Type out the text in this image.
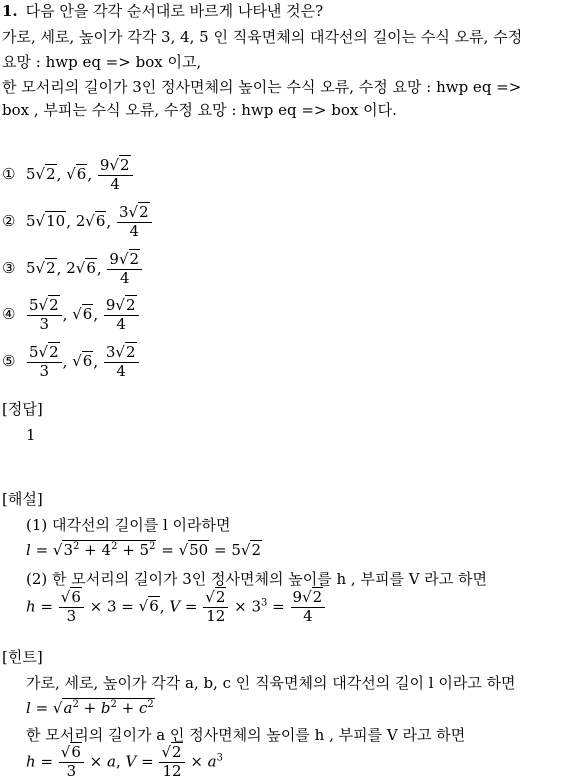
1. 다음 안을 각각 순서대로 바르게 나타낸 것은?
가로, 세로, 높이가 각각 3, 4, 5 인 직육면체의 대각선의 길이는 수식 오류, 수정
요망 : hwp eq => box 이고,
한 모서리의 길이가 3인 정사면체의 높이는 수식 오류, 수정 요망 : hwp eq =>
box , 부피는 수식 오류, 수정 요망 : hwp eq => box 이다.
① 5√2, √6, $\frac{9√2}{4}$
② 5√10, 2√6, $\frac{3√2}{4}$
③ 5√2, 2√6, $\frac{9√2}{4}$
④ $\frac{5√2}{3}$ , √6, $\frac{9√2}{4}$
⑤ $\frac{5√2}{3}$ , √6, $\frac{3√2}{4}$
[정답]
1
[해설]
(1) 대각선의 길이를 l 이라하면
$l = √3^2 + 4^2 + 5^2 = √50 = 5√2$
(2) 한 모서리의 길이가 3인 정사면체의 높이를 h , 부피를 V 라고 하면
$h = \frac{√6}{3} \times 3 = √6$, $V = \frac{√2}{12} \times 3^3 = \frac{9√2}{4}$
[힌트]
가로, 세로, 높이가 각각 a, b, c 인 직육면체의 대각선의 길이 l 이라고 하면
$l = √a^2 + b^2 + c^2$
한 모서리의 길이가 a 인 정사면체의 높이를 h , 부피를 V 라고 하면
$h = \frac{√6}{3} \times a$, $V = \frac{√2}{12} \times a^3$
